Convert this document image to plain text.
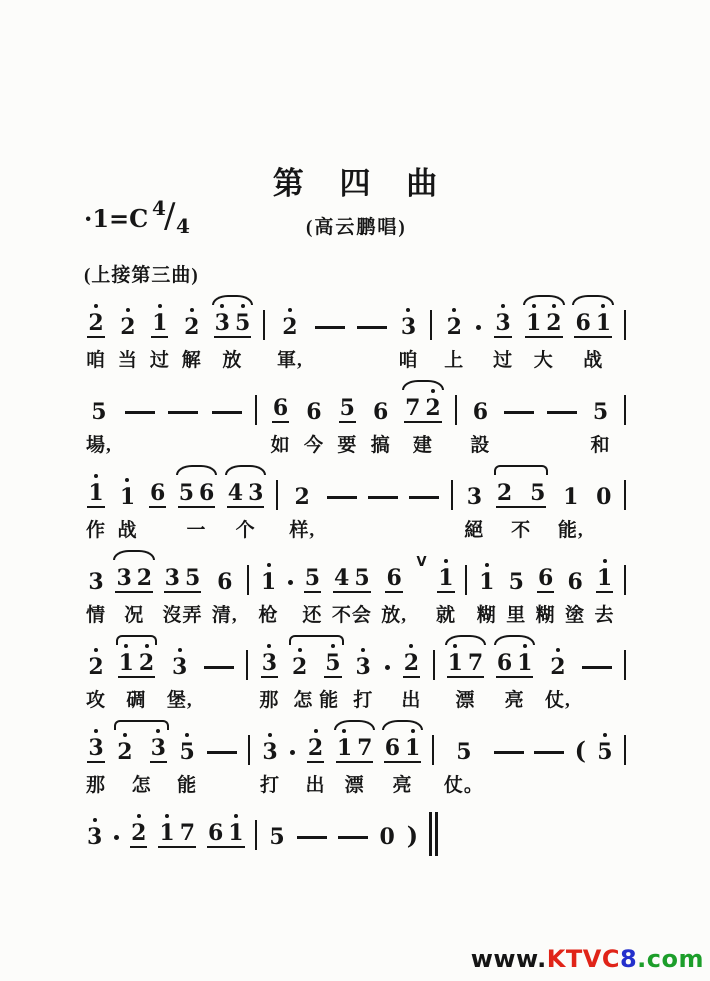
第 四 曲
·1=C 4
/ 4	(高云鹏唱)
(上接第三曲)
2
咱
2
当
1
过
2
解
3 5
放
2
軍,
3
咱
2
上
3
过
1 2
大
6 1
战
5
場,
6
如
6
今
5
要
6
搞
7 2
建
6
設
5
和
1
作
1
战
6 5 6
一
4 3
个
2
样,
3
絕
2 5
不
1
能,
0
3
情
3 2
况
3 5
沒弄
6
清,
1
枪
5
还
4 5
不会
6
放,
V
1
就
1
糊
5
里
6
糊
6
塗
1
去
2
攻
1 2
碉
3
堡,
3
那
2 5
怎 能
3
打
2
出
1 7
漂
6 1
亮
2
仗,
3
那
2 3
怎
5
能
3
打
2
出
1 7
漂
6 1
亮
5
仗。
( 5
3 2 1 7 6 1 5	0 )
www.KTVC8.com
